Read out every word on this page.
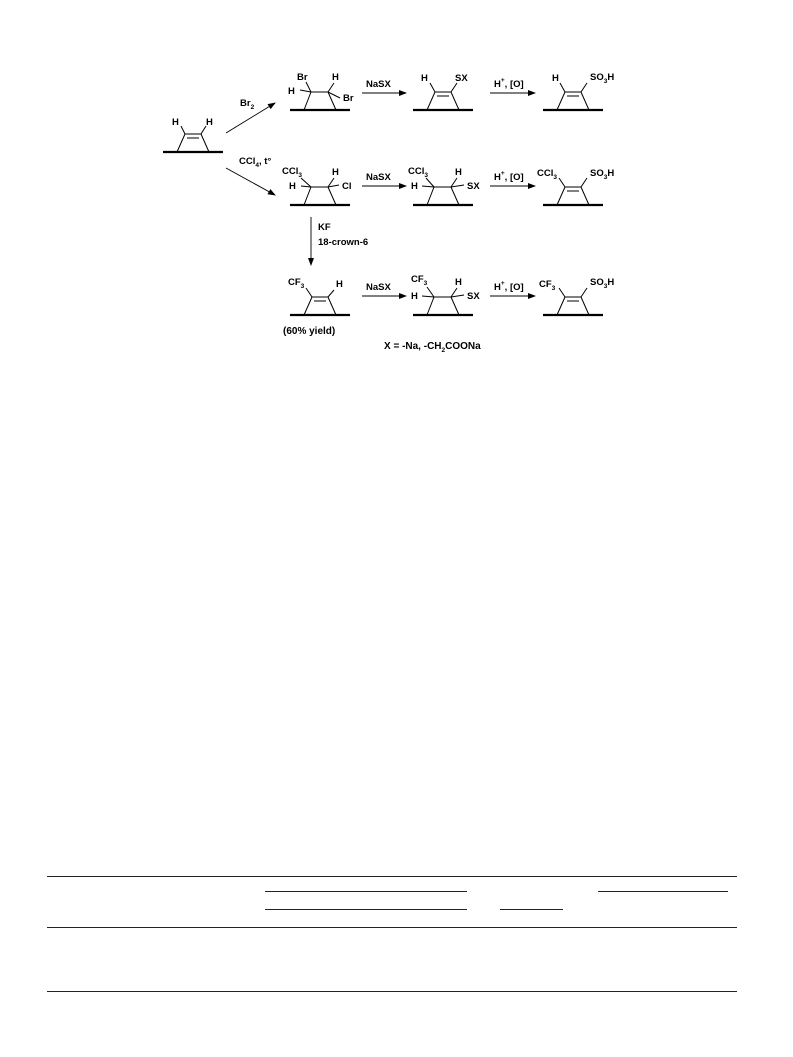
H	H
$Br_2$
CCl$_4$, t°
Br
H
H
Br
NaSX
H	SX
H+, [O]
H	$SO_3H$
CCl$_3$
H
H
Cl
NaSX
CCl$_3$
H
H
SX
H+, [O] CCl$_3$	$SO_3H$
KF
18-crown-6
$CF_3$	H
(60% yield)
NaSX
$CF_3$
H
H
SX
H+, [O] $CF_3$
$SO_3H$
X = -Na, $-CH_2COONa$
